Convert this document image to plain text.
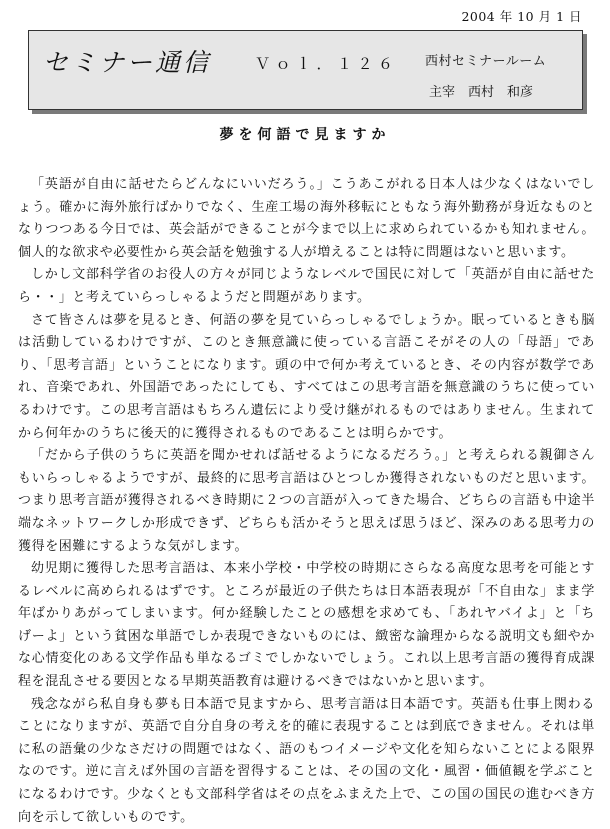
2004 年 10 月 1 日
セミナー通信	Ｖｏｌ．１２６ 西村セミナールーム
主宰　西村　和彦
夢を何語で見ますか

「英語が自由に話せたらどんなにいいだろう。」こうあこがれる日本人は少なくはないでしょう。確かに海外旅行ばかりでなく、生産工場の海外移転にともなう海外勤務が身近なものとなりつつある今日では、英会話ができることが今まで以上に求められているかも知れません。個人的な欲求や必要性から英会話を勉強する人が増えることは特に問題はないと思います。

しかし文部科学省のお役人の方々が同じようなレベルで国民に対して「英語が自由に話せたら・・」と考えていらっしゃるようだと問題があります。

さて皆さんは夢を見るとき、何語の夢を見ていらっしゃるでしょうか。眠っているときも脳は活動しているわけですが、このとき無意識に使っている言語こそがその人の「母語」であり、「思考言語」ということになります。頭の中で何か考えているとき、その内容が数学であれ、音楽であれ、外国語であったにしても、すべてはこの思考言語を無意識のうちに使っているわけです。この思考言語はもちろん遺伝により受け継がれるものではありません。生まれてから何年かのうちに後天的に獲得されるものであることは明らかです。

「だから子供のうちに英語を聞かせれば話せるようになるだろう。」と考えられる親御さんもいらっしゃるようですが、最終的に思考言語はひとつしか獲得されないものだと思います。つまり思考言語が獲得されるべき時期に２つの言語が入ってきた場合、どちらの言語も中途半端なネットワークしか形成できず、どちらも活かそうと思えば思うほど、深みのある思考力の獲得を困難にするような気がします。

幼児期に獲得した思考言語は、本来小学校・中学校の時期にさらなる高度な思考を可能とするレベルに高められるはずです。ところが最近の子供たちは日本語表現が「不自由な」まま学年ばかりあがってしまいます。何か経験したことの感想を求めても、「あれヤバイよ」と「ちげーよ」という貧困な単語でしか表現できないものには、緻密な論理からなる説明文も細やかな心情変化のある文学作品も単なるゴミでしかないでしょう。これ以上思考言語の獲得育成課程を混乱させる要因となる早期英語教育は避けるべきではないかと思います。

残念ながら私自身も夢も日本語で見ますから、思考言語は日本語です。英語も仕事上関わることになりますが、英語で自分自身の考えを的確に表現することは到底できません。それは単に私の語彙の少なさだけの問題ではなく、語のもつイメージや文化を知らないことによる限界なのです。逆に言えば外国の言語を習得することは、その国の文化・風習・価値観を学ぶことになるわけです。少なくとも文部科学省はその点をふまえた上で、この国の国民の進むべき方向を示して欲しいものです。
